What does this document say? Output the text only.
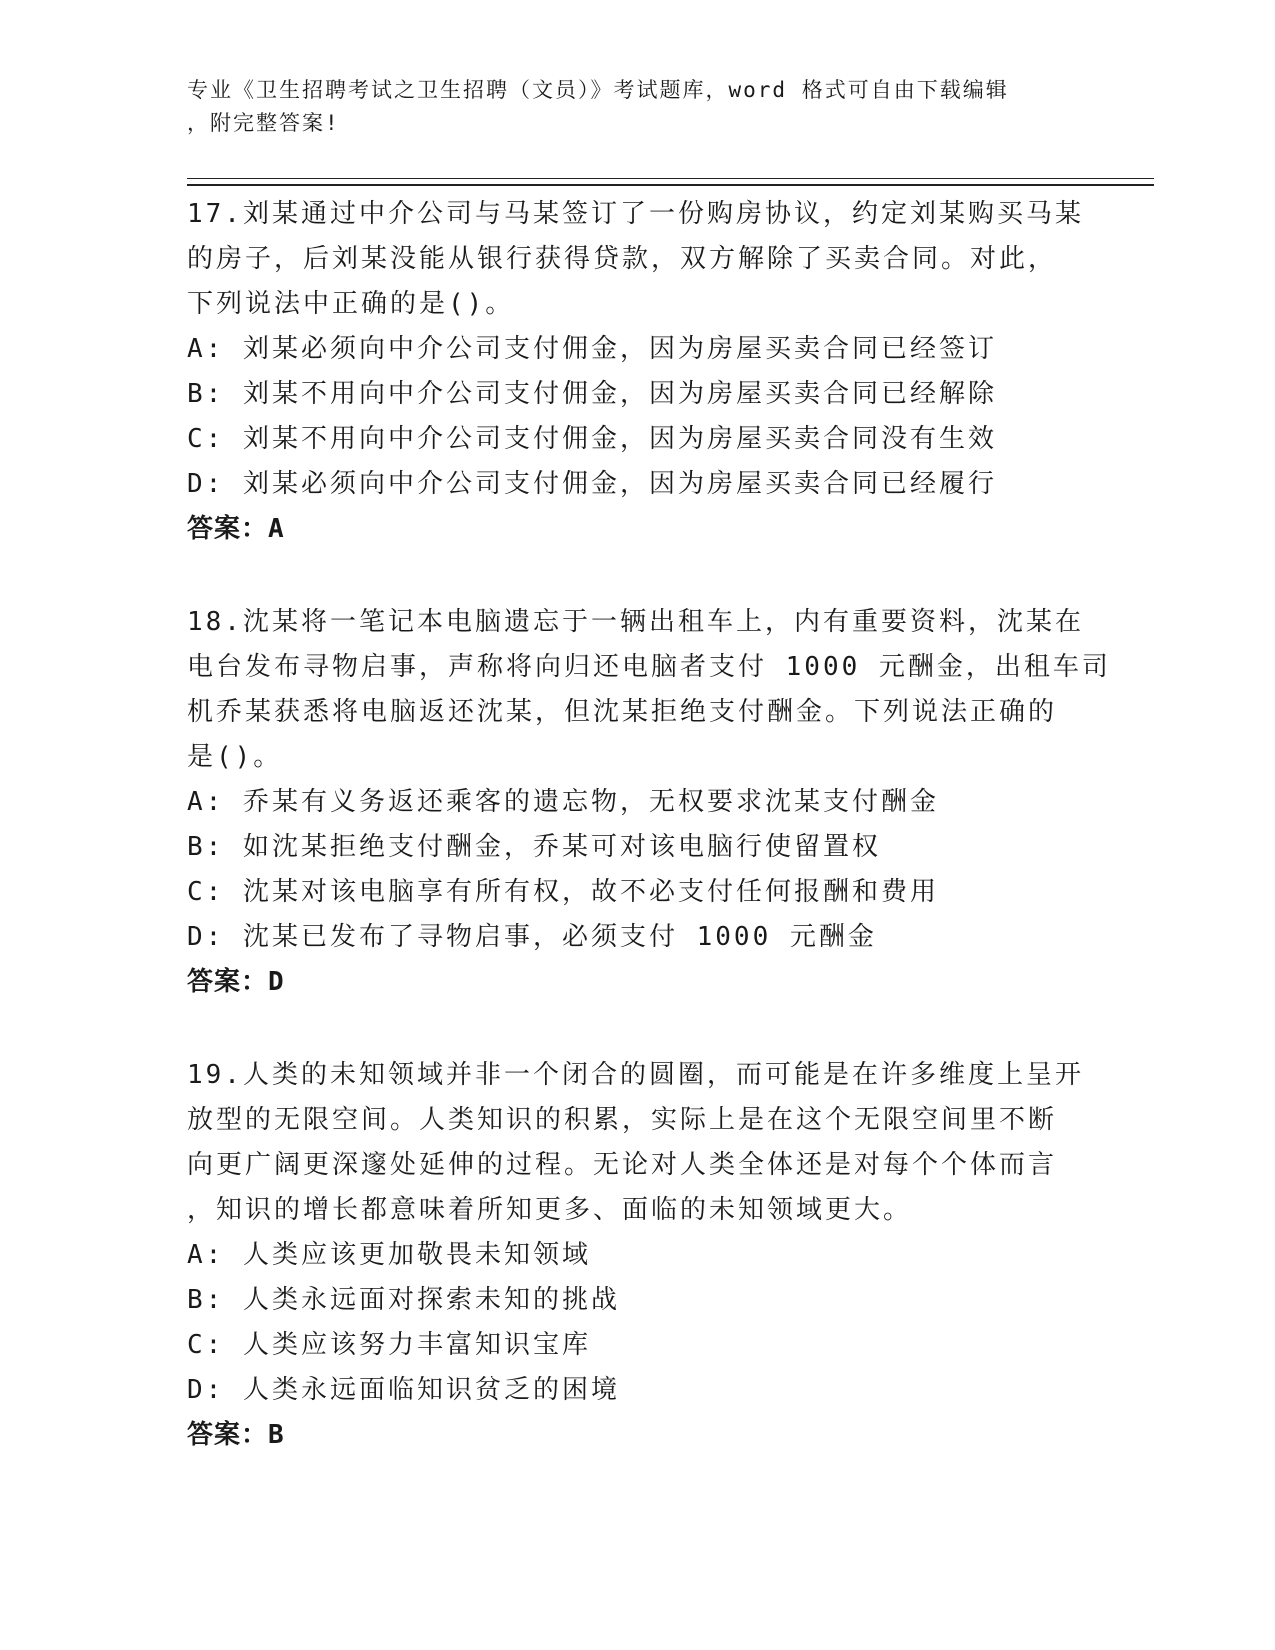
专业《卫生招聘考试之卫生招聘（文员）》考试题库，word 格式可自由下载编辑
，附完整答案!
17.刘某通过中介公司与马某签订了一份购房协议，约定刘某购买马某
的房子，后刘某没能从银行获得贷款，双方解除了买卖合同。对此，
下列说法中正确的是()。
A: 刘某必须向中介公司支付佣金，因为房屋买卖合同已经签订
B: 刘某不用向中介公司支付佣金，因为房屋买卖合同已经解除
C: 刘某不用向中介公司支付佣金，因为房屋买卖合同没有生效
D: 刘某必须向中介公司支付佣金，因为房屋买卖合同已经履行
答案：A
18.沈某将一笔记本电脑遗忘于一辆出租车上，内有重要资料，沈某在
电台发布寻物启事，声称将向归还电脑者支付 1000 元酬金，出租车司
机乔某获悉将电脑返还沈某，但沈某拒绝支付酬金。下列说法正确的
是()。
A: 乔某有义务返还乘客的遗忘物，无权要求沈某支付酬金
B: 如沈某拒绝支付酬金，乔某可对该电脑行使留置权
C: 沈某对该电脑享有所有权，故不必支付任何报酬和费用
D: 沈某已发布了寻物启事，必须支付 1000 元酬金
答案：D
19.人类的未知领域并非一个闭合的圆圈，而可能是在许多维度上呈开
放型的无限空间。人类知识的积累，实际上是在这个无限空间里不断
向更广阔更深邃处延伸的过程。无论对人类全体还是对每个个体而言
，知识的增长都意味着所知更多、面临的未知领域更大。
A: 人类应该更加敬畏未知领域
B: 人类永远面对探索未知的挑战
C: 人类应该努力丰富知识宝库
D: 人类永远面临知识贫乏的困境
答案：B
